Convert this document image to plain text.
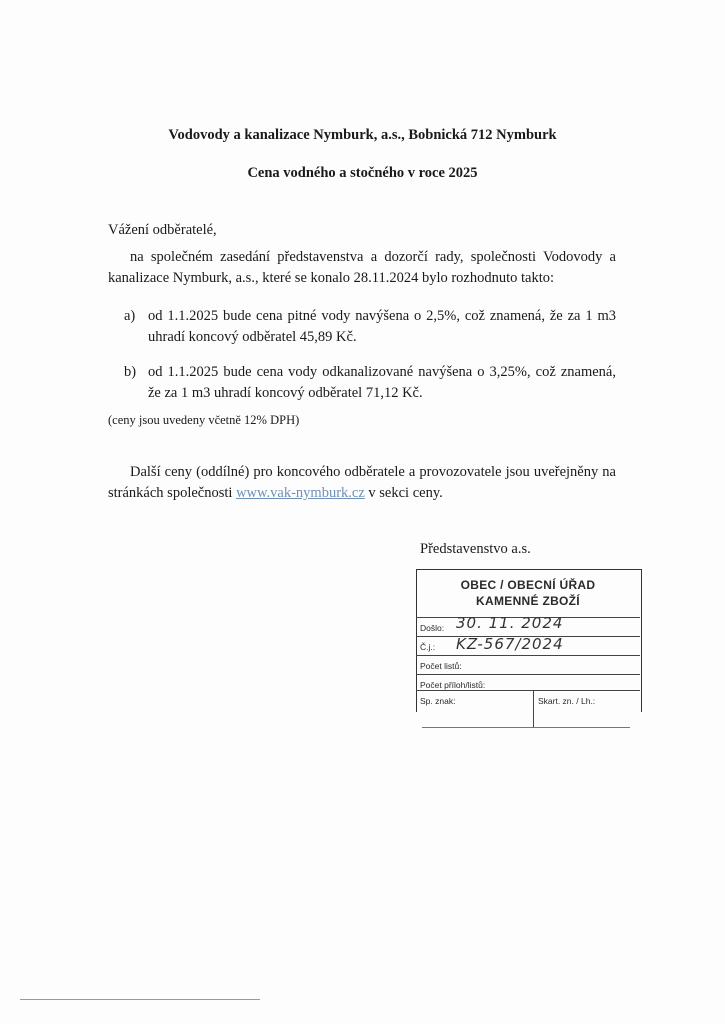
Vodovody a kanalizace Nymburk, a.s., Bobnická 712 Nymburk
Cena vodného a stočného v roce 2025
Vážení odběratelé,
na společném zasedání představenstva a dozorčí rady, společnosti Vodovody a kanalizace Nymburk, a.s., které se konalo 28.11.2024 bylo rozhodnuto takto:
a) od 1.1.2025 bude cena pitné vody navýšena o 2,5%, což znamená, že za 1 m3 uhradí koncový odběratel 45,89 Kč.
b) od 1.1.2025 bude cena vody odkanalizované navýšena o 3,25%, což znamená, že za 1 m3 uhradí koncový odběratel 71,12 Kč.
(ceny jsou uvedeny včetně 12% DPH)
Další ceny (oddílné) pro koncového odběratele a provozovatele jsou uveřejněny na stránkách společnosti www.vak-nymburk.cz v sekci ceny.
Představenstvo a.s.
OBEC / OBECNÍ ÚŘAD
KAMENNÉ ZBOŽÍ
Došlo: 30. 11. 2024
Č.j.: KZ-567/2024
Počet listů:
Počet příloh/listů:
Sp. znak:	Skart. zn. / Lh.:
